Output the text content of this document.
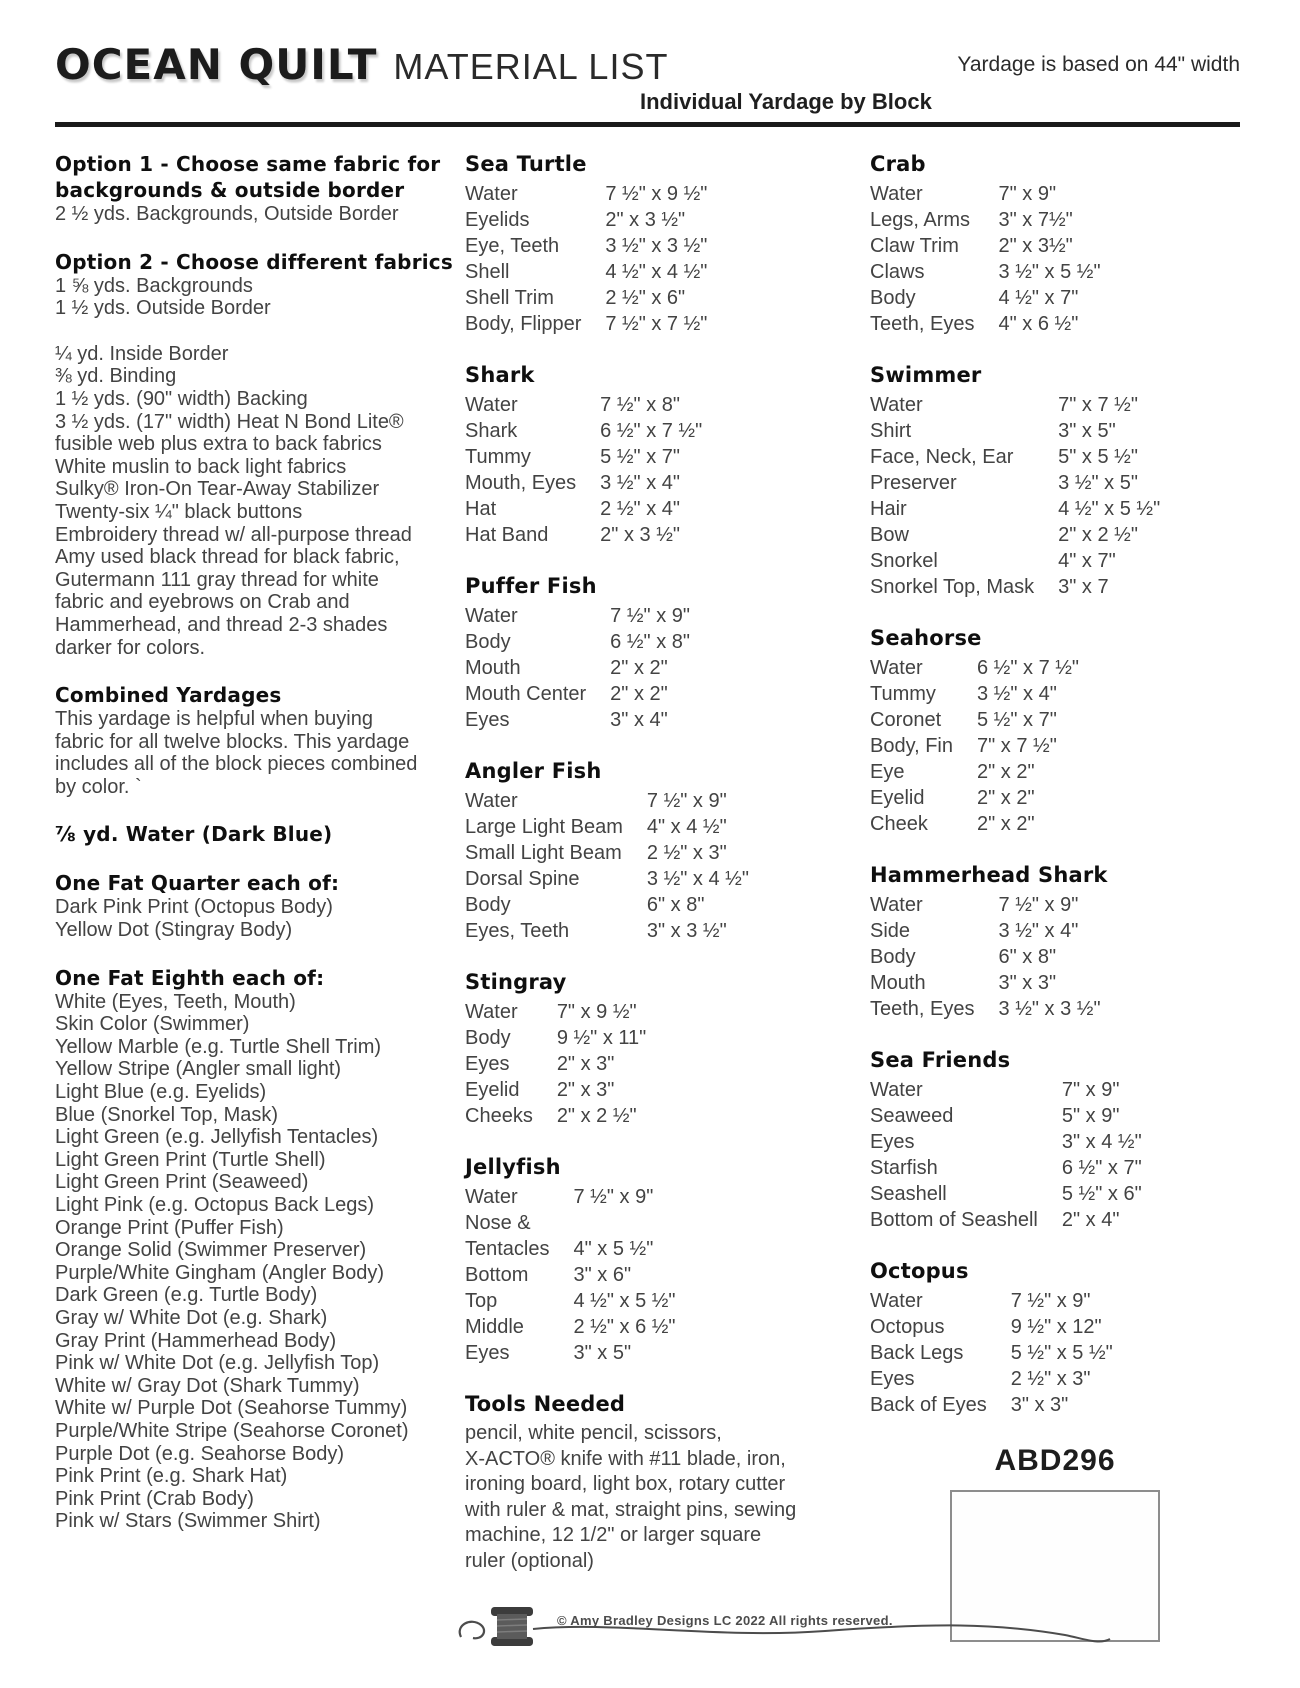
OCEAN QUILT MATERIAL LIST	Yardage is based on 44" width
Individual Yardage by Block
Option 1 - Choose same fabric for
backgrounds & outside border
2 ½ yds. Backgrounds, Outside Border
Option 2 - Choose different fabrics
1 ⅝ yds. Backgrounds
1 ½ yds. Outside Border
¼ yd. Inside Border
⅜ yd. Binding
1 ½ yds. (90" width) Backing
3 ½ yds. (17" width) Heat N Bond Lite®
fusible web plus extra to back fabrics
White muslin to back light fabrics
Sulky® Iron-On Tear-Away Stabilizer
Twenty-six ¼" black buttons
Embroidery thread w/ all-purpose thread
Amy used black thread for black fabric,
Gutermann 111 gray thread for white
fabric and eyebrows on Crab and
Hammerhead, and thread 2-3 shades
darker for colors.
Combined Yardages
This yardage is helpful when buying
fabric for all twelve blocks. This yardage
includes all of the block pieces combined
by color. `
⅞ yd. Water (Dark Blue)
One Fat Quarter each of:
Dark Pink Print (Octopus Body)
Yellow Dot (Stingray Body)
One Fat Eighth each of:
White (Eyes, Teeth, Mouth)
Skin Color (Swimmer)
Yellow Marble (e.g. Turtle Shell Trim)
Yellow Stripe (Angler small light)
Light Blue (e.g. Eyelids)
Blue (Snorkel Top, Mask)
Light Green (e.g. Jellyfish Tentacles)
Light Green Print (Turtle Shell)
Light Green Print (Seaweed)
Light Pink (e.g. Octopus Back Legs)
Orange Print (Puffer Fish)
Orange Solid (Swimmer Preserver)
Purple/White Gingham (Angler Body)
Dark Green (e.g. Turtle Body)
Gray w/ White Dot (e.g. Shark)
Gray Print (Hammerhead Body)
Pink w/ White Dot (e.g. Jellyfish Top)
White w/ Gray Dot (Shark Tummy)
White w/ Purple Dot (Seahorse Tummy)
Purple/White Stripe (Seahorse Coronet)
Purple Dot (e.g. Seahorse Body)
Pink Print (e.g. Shark Hat)
Pink Print (Crab Body)
Pink w/ Stars (Swimmer Shirt)
Sea Turtle
Water	7 ½" x 9 ½"
Eyelids	2" x 3 ½"
Eye, Teeth	3 ½" x 3 ½"
Shell	4 ½" x 4 ½"
Shell Trim	2 ½" x 6"
Body, Flipper	7 ½" x 7 ½"
Shark
Water	7 ½" x 8"
Shark	6 ½" x 7 ½"
Tummy	5 ½" x 7"
Mouth, Eyes	3 ½" x 4"
Hat	2 ½" x 4"
Hat Band	2" x 3 ½"
Puffer Fish
Water	7 ½" x 9"
Body	6 ½" x 8"
Mouth	2" x 2"
Mouth Center	2" x 2"
Eyes	3" x 4"
Angler Fish
Water	7 ½" x 9"
Large Light Beam	4" x 4 ½"
Small Light Beam	2 ½" x 3"
Dorsal Spine	3 ½" x 4 ½"
Body	6" x 8"
Eyes, Teeth	3" x 3 ½"
Stingray
Water	7" x 9 ½"
Body	9 ½" x 11"
Eyes	2" x 3"
Eyelid	2" x 3"
Cheeks	2" x 2 ½"
Jellyfish
Water	7 ½" x 9"
Nose &	
Tentacles	4" x 5 ½"
Bottom	3" x 6"
Top	4 ½" x 5 ½"
Middle	2 ½" x 6 ½"
Eyes	3" x 5"
Tools Needed
pencil, white pencil, scissors,
X-ACTO® knife with #11 blade, iron,
ironing board, light box, rotary cutter
with ruler & mat, straight pins, sewing
machine, 12 1/2" or larger square
ruler (optional)
© Amy Bradley Designs LC 2022 All rights reserved.
Crab
Water	7" x 9"
Legs, Arms	3" x 7½"
Claw Trim	2" x 3½"
Claws	3 ½" x 5 ½"
Body	4 ½" x 7"
Teeth, Eyes	4" x 6 ½"
Swimmer
Water	7" x 7 ½"
Shirt	3" x 5"
Face, Neck, Ear	5" x 5 ½"
Preserver	3 ½" x 5"
Hair	4 ½" x 5 ½"
Bow	2" x 2 ½"
Snorkel	4" x 7"
Snorkel Top, Mask	3" x 7
Seahorse
Water	6 ½" x 7 ½"
Tummy	3 ½" x 4"
Coronet	5 ½" x 7"
Body, Fin	7" x 7 ½"
Eye	2" x 2"
Eyelid	2" x 2"
Cheek	2" x 2"
Hammerhead Shark
Water	7 ½" x 9"
Side	3 ½" x 4"
Body	6" x 8"
Mouth	3" x 3"
Teeth, Eyes	3 ½" x 3 ½"
Sea Friends
Water	7" x 9"
Seaweed	5" x 9"
Eyes	3" x 4 ½"
Starfish	6 ½" x 7"
Seashell	5 ½" x 6"
Bottom of Seashell	2" x 4"
Octopus
Water	7 ½" x 9"
Octopus	9 ½" x 12"
Back Legs	5 ½" x 5 ½"
Eyes	2 ½" x 3"
Back of Eyes	3" x 3"
ABD296
